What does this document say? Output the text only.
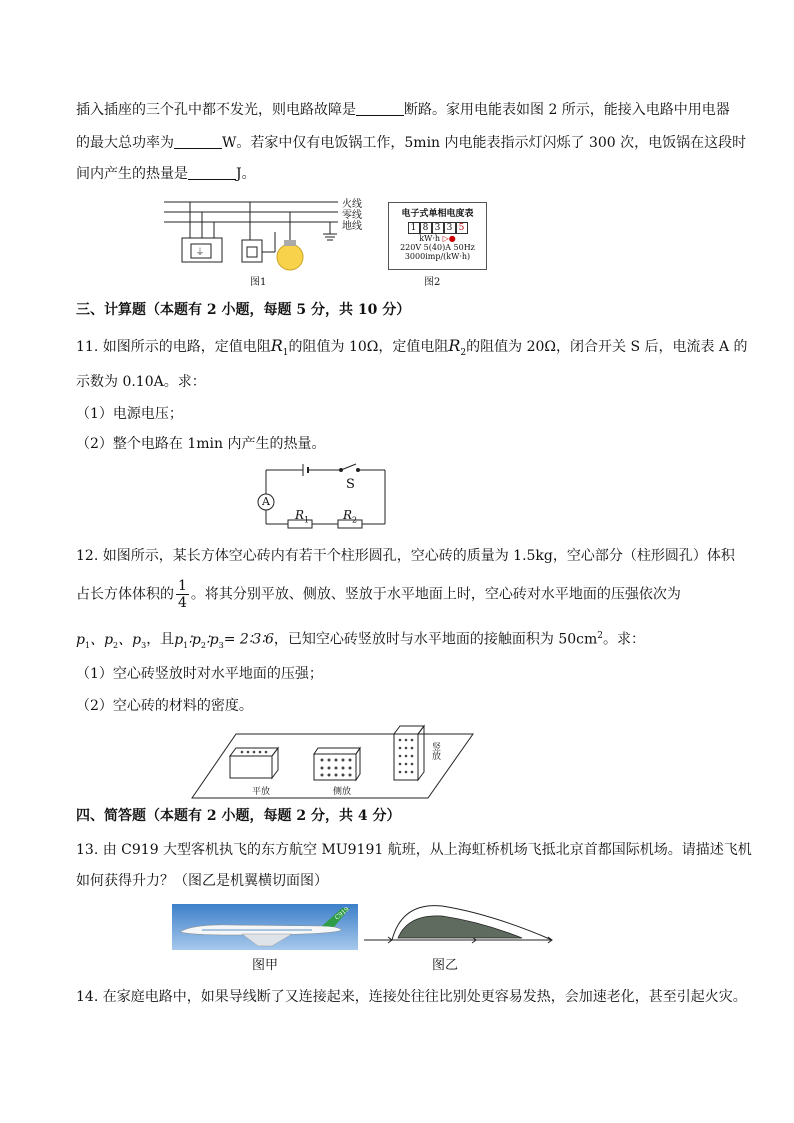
插入插座的三个孔中都不发光，则电路故障是	断路。家用电能表如图 2 所示，能接入电路中用电器
的最大总功率为	W。若家中仅有电饭锅工作，5min 内电能表指示灯闪烁了 300 次，电饭锅在这段时
间内产生的热量是	J。
⏚
火线
零线
地线
图1
电子式单相电度表
1 8 3 3 5
kW·h ▷●
220V 5(40)A 50Hz
3000imp/(kW·h)
图2
三、计算题（本题有 2 小题，每题 5 分，共 10 分）
11. 如图所示的电路，定值电阻$R_1$的阻值为 10Ω，定值电阻$R_2$的阻值为 20Ω，闭合开关 S 后，电流表 A 的
示数为 0.10A。求：
（1）电源电压；
（2）整个电路在 1min 内产生的热量。
A
S
$R_1$	$R_2$
12. 如图所示，某长方体空心砖内有若干个柱形圆孔，空心砖的质量为 1.5kg，空心部分（柱形圆孔）体积
占长方体体积的 $\frac{1}{4}$ 。将其分别平放、侧放、竖放于水平地面上时，空心砖对水平地面的压强依次为
$p_1$、$p_2$、$p_3$，且$p_1∶p_2∶p_3=$ 2∶3∶6，已知空心砖竖放时与水平地面的接触面积为 $50cm^2$。求：
（1）空心砖竖放时对水平地面的压强；
（2）空心砖的材料的密度。
平放	侧放
竖放
四、简答题（本题有 2 小题，每题 2 分，共 4 分）
13. 由 C919 大型客机执飞的东方航空 MU9191 航班，从上海虹桥机场飞抵北京首都国际机场。请描述飞机
如何获得升力？（图乙是机翼横切面图）
C919
图甲	图乙
14. 在家庭电路中，如果导线断了又连接起来，连接处往往比别处更容易发热，会加速老化，甚至引起火灾。
